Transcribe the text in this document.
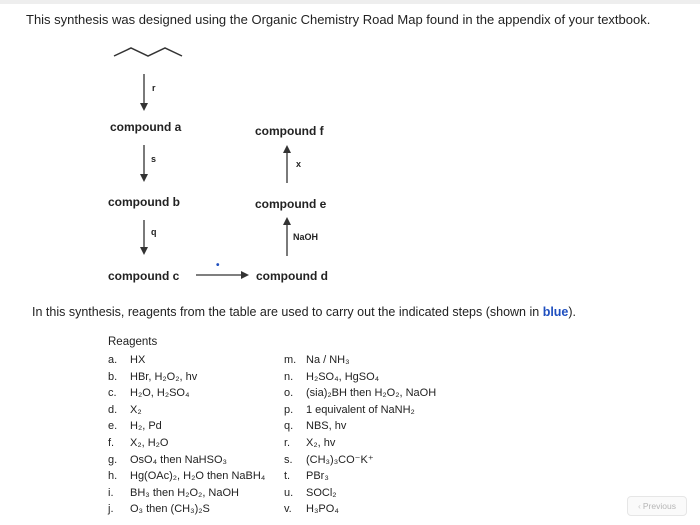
This synthesis was designed using the Organic Chemistry Road Map found in the appendix of your textbook.
compound a
compound b
compound c	compound d
compound e
compound f
r
s
q
•
NaOH
x
In this synthesis, reagents from the table are used to carry out the indicated steps (shown in blue).
Reagents
a. HX
b. HBr, H₂O₂, hv
c. H₂O, H₂SO₄
d. X₂
e. H₂, Pd
f. X₂, H₂O
g. OsO₄ then NaHSO₃
h. Hg(OAc)₂, H₂O then NaBH₄
i. BH₃ then H₂O₂, NaOH
j. O₃ then (CH₃)₂S
m. Na / NH₃
n. H₂SO₄, HgSO₄
o. (sia)₂BH then H₂O₂, NaOH
p. 1 equivalent of NaNH₂
q. NBS, hv
r. X₂, hv
s. (CH₃)₃CO⁻K⁺
t. PBr₃
u. SOCl₂
v. H₃PO₄	‹ Previous
